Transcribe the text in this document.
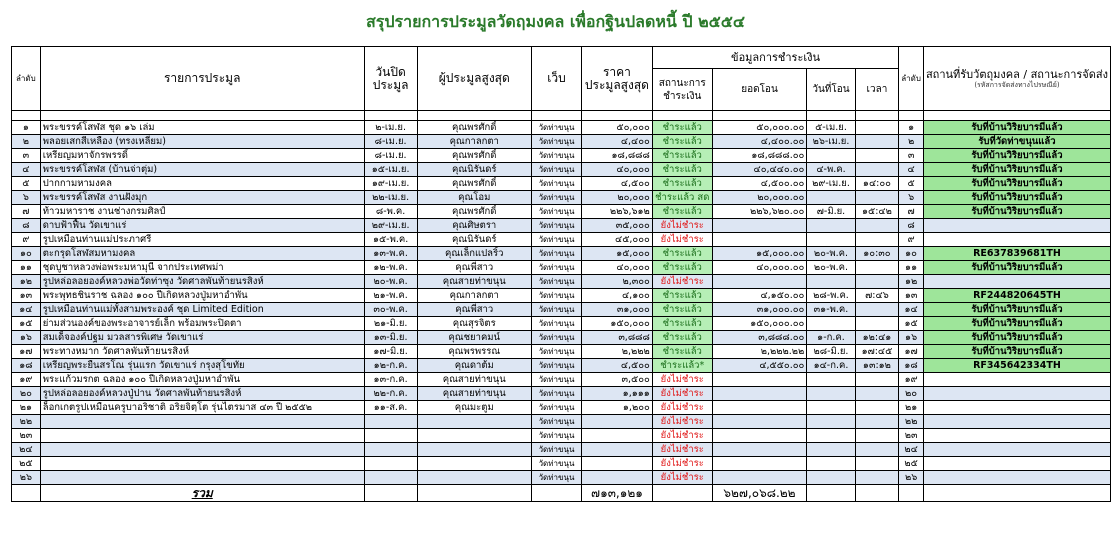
สรุปรายการประมูลวัดฤมงคล เพื่อกฐินปลดหนี้ ปี ๒๕๕๔
ลำดับ	รายการประมูล	วันปิด ประมูล	ผู้ประมูลสูงสุด	เว็บ	ราคา ประมูลสูงสุด	ข้อมูลการชำระเงิน				ลำดับ	สถานที่รับวัตถุมงคล / สถานะการจัดส่ง
(รหัสการจัดส่งทางไปรษณีย์)

						สถานะการ ชำระเงิน	ยอดโอน	วันที่โอน	เวลา		

๑	พระขรรค์โสฬส ชุด ๑๖ เล่ม	๒-เม.ย.	คุณพรศักดิ์	วัดท่าขนุน	๕๐,๐๐๐	ชำระแล้ว	๕๐,๐๐๐.๐๐	๕-เม.ย.		๑	รับที่บ้านวิริยบารมีแล้ว
๒	พลอยเสกสีเหลือง (ทรงเหลี่ยม)	๘-เม.ย.	คุณกาลกตา	วัดท่าขนุน	๔,๔๐๐	ชำระแล้ว	๔,๔๐๐.๐๐	๒๖-เม.ย.		๒	รับที่วัดท่าขนุนแล้ว
๓	เหรียญมหาจักรพรรดิ์	๘-เม.ย.	คุณพรศักดิ์	วัดท่าขนุน	๑๘,๘๘๘	ชำระแล้ว	๑๘,๘๘๘.๐๐			๓	รับที่บ้านวิริยบารมีแล้ว
๔	พระขรรค์โสฬส (บ้านจ่าตุ่ม)	๑๕-เม.ย.	คุณนิรันดร์	วัดท่าขนุน	๔๐,๐๐๐	ชำระแล้ว	๔๐,๔๔๐.๐๐	๔-พ.ค.		๔	รับที่บ้านวิริยบารมีแล้ว
๕	ปากกามหามงคล	๑๙-เม.ย.	คุณพรศักดิ์	วัดท่าขนุน	๔,๕๐๐	ชำระแล้ว	๔,๕๐๐.๐๐	๒๙-เม.ย.	๑๔:๐๐	๕	รับที่บ้านวิริยบารมีแล้ว
๖	พระขรรค์โสฬส งานฝังมุก	๒๒-เม.ย.	คุณโอม	วัดท่าขนุน	๒๐,๐๐๐	ชำระแล้ว สด	๒๐,๐๐๐.๐๐			๖	รับที่บ้านวิริยบารมีแล้ว
๗	ท้าวมหาราช งานช่างกรมศิลป์	๘-พ.ค.	คุณพรศักดิ์	วัดท่าขนุน	๒๒๖,๖๑๒	ชำระแล้ว	๒๒๖,๖๒๐.๐๐	๗-มิ.ย.	๑๕:๔๒	๗	รับที่บ้านวิริยบารมีแล้ว
๘	ดาบฟ้าฟื้น วัดเขาแร่	๒๙-เม.ย.	คุณศิษตรา	วัดท่าขนุน	๓๕,๐๐๐	ยังไม่ชำระ				๘	
๙	รูปเหมือนท่านแม่ประภาศรี	๑๕-พ.ค.	คุณนิรันดร์	วัดท่าขนุน	๔๕,๐๐๐	ยังไม่ชำระ				๙	
๑๐	ตะกรุดโสฬสมหามงคล	๑๓-พ.ค.	คุณเล็กแปลริ้ว	วัดท่าขนุน	๑๕,๐๐๐	ชำระแล้ว	๑๕,๐๐๐.๐๐	๒๐-พ.ค.	๑๐:๓๐	๑๐	RE637839681TH
๑๑	ชุดบูชาหลวงพ่อพระมหามุนี จากประเทศพม่า	๑๒-พ.ค.	คุณพี่สาว	วัดท่าขนุน	๔๐,๐๐๐	ชำระแล้ว	๔๐,๐๐๐.๐๐	๒๐-พ.ค.		๑๑	รับที่บ้านวิริยบารมีแล้ว
๑๒	รูปหล่อลอยองค์หลวงพ่อวัดท่าซุง วัดศาลพันท้ายนรสิงห์	๒๐-พ.ค.	คุณสายท่าขนุน	วัดท่าขนุน	๒,๓๐๐	ยังไม่ชำระ				๑๒	
๑๓	พระพุทธชินราช ฉลอง ๑๐๐ ปีเกิดหลวงปู่มหาอำพัน	๒๑-พ.ค.	คุณกาลกตา	วัดท่าขนุน	๔,๑๐๐	ชำระแล้ว	๔,๑๕๐.๐๐	๒๘-พ.ค.	๗:๔๖	๑๓	RF244820645TH
๑๔	รูปเหมือนท่านแม่ทั้งสามพระองค์ ชุด Limited Edition	๓๐-พ.ค.	คุณพี่สาว	วัดท่าขนุน	๓๑,๐๐๐	ชำระแล้ว	๓๑,๐๐๐.๐๐	๓๑-พ.ค.		๑๔	รับที่บ้านวิริยบารมีแล้ว
๑๕	ย่ามส่วนองค์ของพระอาจารย์เล็ก พร้อมพระปิดตา	๒๑-มิ.ย.	คุณสุรจิตร	วัดท่าขนุน	๑๕๐,๐๐๐	ชำระแล้ว	๑๕๐,๐๐๐.๐๐			๑๕	รับที่บ้านวิริยบารมีแล้ว
๑๖	สมเด็จองค์ปฐม มวลสารพิเศษ วัดเขาแร่	๑๓-มิ.ย.	คุณชยาคมน์	วัดท่าขนุน	๓,๘๘๘	ชำระแล้ว	๓,๘๘๘.๐๐	๑-ก.ค.	๑๒:๔๑	๑๖	รับที่บ้านวิริยบารมีแล้ว
๑๗	พระทางหมาก วัดศาลพันท้ายนรสิงห์	๑๗-มิ.ย.	คุณพรพรรณ	วัดท่าขนุน	๒,๒๒๒	ชำระแล้ว	๒,๒๒๒.๒๒	๒๘-มิ.ย.	๑๗:๔๕	๑๗	รับที่บ้านวิริยบารมีแล้ว
๑๘	เหรียญพระยืนสรโณ รุ่นแรก วัดเขาแร่ กรุงสุโขทัย	๑๒-ก.ค.	คุณดาต้ม	วัดท่าขนุน	๔,๕๐๐	ชำระแล้ว*	๔,๕๕๐.๐๐	๑๔-ก.ค.	๑๓:๑๒	๑๘	RF345642334TH
๑๙	พระแก้วมรกต ฉลอง ๑๐๐ ปีเกิดหลวงปู่มหาอำพัน	๑๓-ก.ค.	คุณสายท่าขนุน	วัดท่าขนุน	๓,๕๐๐	ยังไม่ชำระ				๑๙	
๒๐	รูปหล่อลอยองค์หลวงปู่ปาน วัดศาลพันท้ายนรสิงห์	๒๒-ก.ค.	คุณสายท่าขนุน	วัดท่าขนุน	๑,๑๑๑	ยังไม่ชำระ				๒๐	
๒๑	ล็อกเกตรูปเหมือนครูบาอริชาติ อริยจิตฺโต รุ่นไตรมาส ๔๓ ปี ๒๕๕๒	๑๑-ส.ค.	คุณมะตูม	วัดท่าขนุน	๑,๒๐๐	ยังไม่ชำระ				๒๑	
๒๒				วัดท่าขนุน		ยังไม่ชำระ				๒๒	
๒๓				วัดท่าขนุน		ยังไม่ชำระ				๒๓	
๒๔				วัดท่าขนุน		ยังไม่ชำระ				๒๔	
๒๕				วัดท่าขนุน		ยังไม่ชำระ				๒๕	
๒๖				วัดท่าขนุน		ยังไม่ชำระ				๒๖	
	รวม				๗๑๓,๑๒๑		๖๒๗,๐๖๘.๒๒				
